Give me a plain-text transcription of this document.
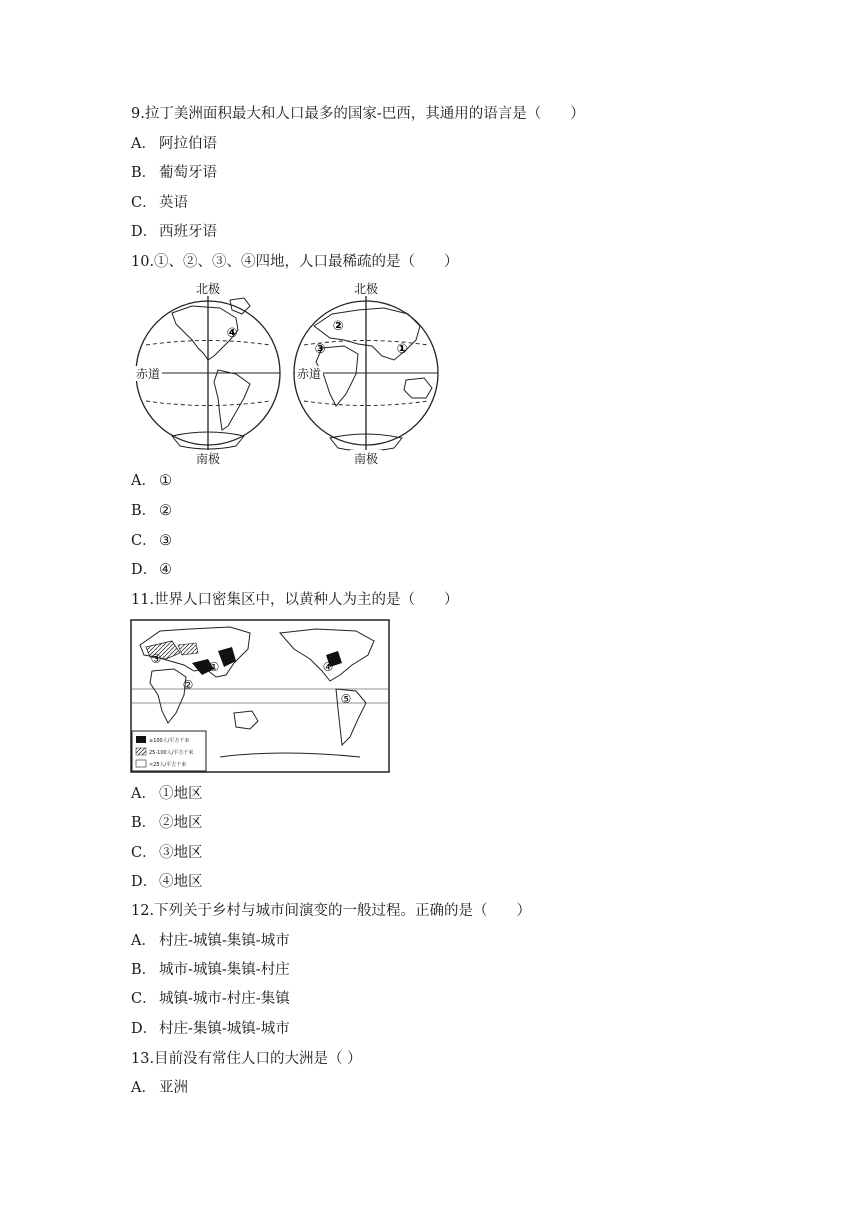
9.拉丁美洲面积最大和人口最多的国家-巴西，其通用的语言是（　　）
A． 阿拉伯语
B． 葡萄牙语
C． 英语
D． 西班牙语
10.①、②、③、④四地，人口最稀疏的是（　　）
北极
南极
赤道
北极
南极
赤道
①
②
③
④
A． ①
B． ②
C． ③
D． ④
11.世界人口密集区中，以黄种人为主的是（　　）
①
②
③
④
⑤
≥100人/平方千米
25-100人/平方千米
<25人/平方千米
A． ①地区
B． ②地区
C． ③地区
D． ④地区
12.下列关于乡村与城市间演变的一般过程。正确的是（　　）
A． 村庄-城镇-集镇-城市
B． 城市-城镇-集镇-村庄
C． 城镇-城市-村庄-集镇
D． 村庄-集镇-城镇-城市
13.目前没有常住人口的大洲是（ ）
A． 亚洲
